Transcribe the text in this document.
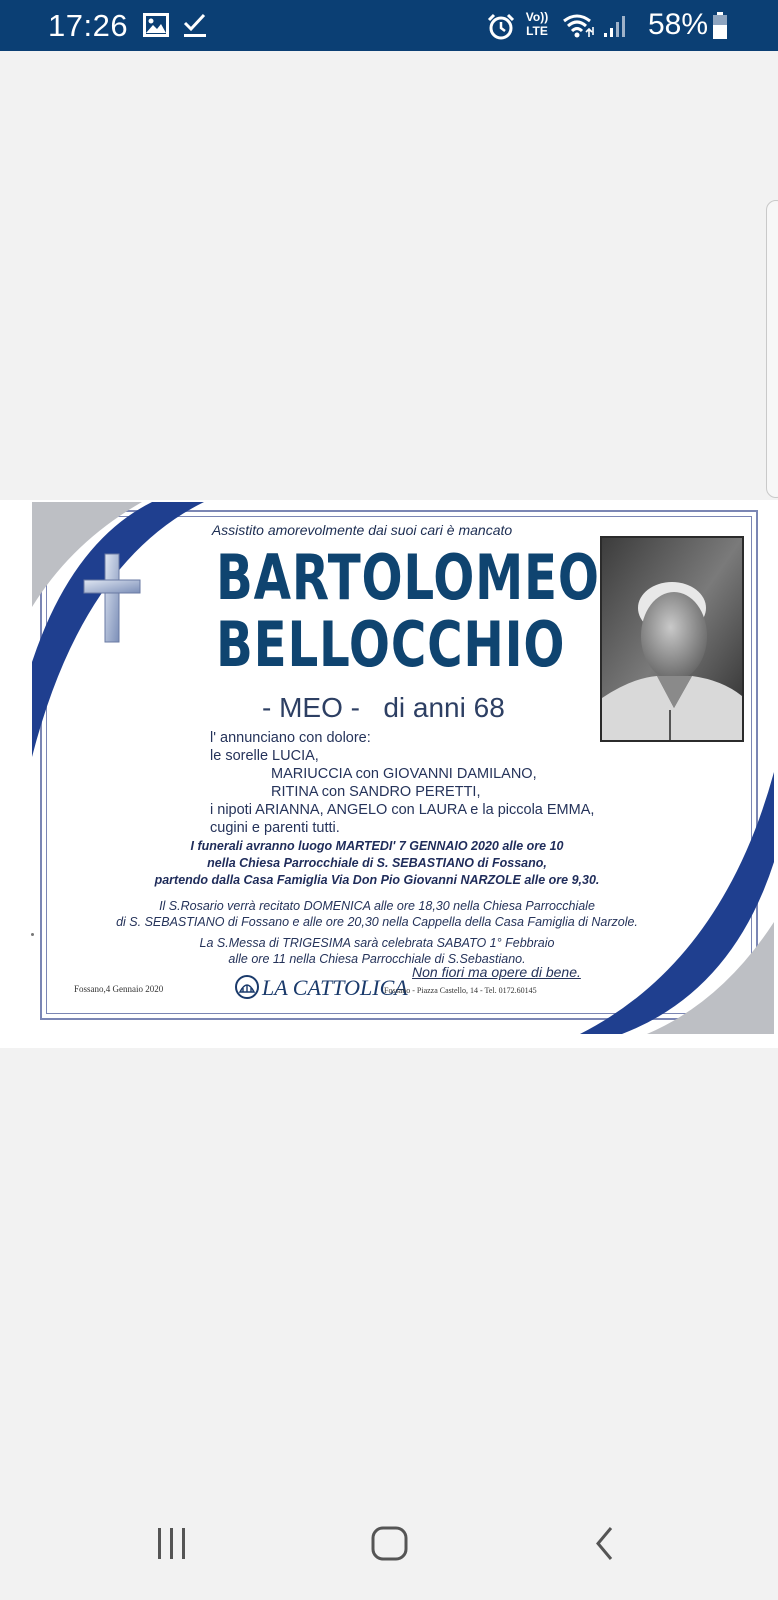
17:26	Vo))
LTE	58%
Assistito amorevolmente dai suoi cari è mancato
BARTOLOMEO
BELLOCCHIO
- MEO - di anni 68
l' annunciano con dolore:
le sorelle LUCIA,
MARIUCCIA con GIOVANNI DAMILANO,
RITINA con SANDRO PERETTI,
i nipoti ARIANNA, ANGELO con LAURA e la piccola EMMA,
cugini e parenti tutti.
I funerali avranno luogo MARTEDI' 7 GENNAIO 2020 alle ore 10
nella Chiesa Parrocchiale di S. SEBASTIANO di Fossano,
partendo dalla Casa Famiglia Via Don Pio Giovanni NARZOLE alle ore 9,30.
Il S.Rosario verrà recitato DOMENICA alle ore 18,30 nella Chiesa Parrocchiale
di S. SEBASTIANO di Fossano e alle ore 20,30 nella Cappella della Casa Famiglia di Narzole.
La S.Messa di TRIGESIMA sarà celebrata SABATO 1° Febbraio
alle ore 11 nella Chiesa Parrocchiale di S.Sebastiano.
Non fiori ma opere di bene.
Fossano,4 Gennaio 2020	LA CATTOLICA
Fossano - Piazza Castello, 14 - Tel. 0172.60145
